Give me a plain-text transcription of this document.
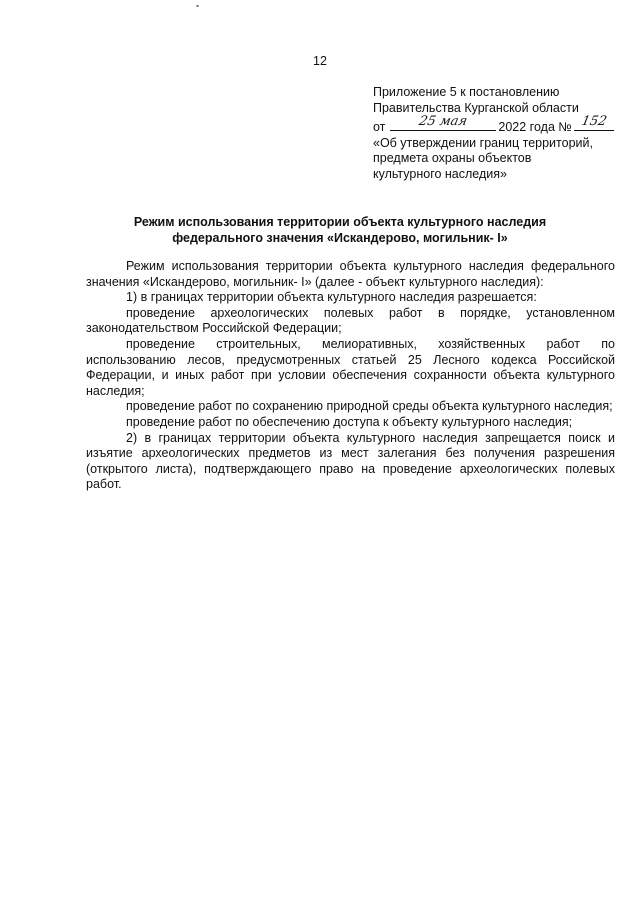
12
Приложение 5 к постановлению
Правительства Курганской области
от	25 мая	2022 года № 152
«Об утверждении границ территорий,
предмета охраны объектов
культурного наследия»
Режим использования территории объекта культурного наследия
федерального значения «Искандерово, могильник- I»

Режим использования территории объекта культурного наследия федерального значения «Искандерово, могильник- I» (далее - объект культурного наследия):

1) в границах территории объекта культурного наследия разрешается:

проведение археологических полевых работ в порядке, установленном законодательством Российской Федерации;

проведение строительных, мелиоративных, хозяйственных работ по использованию лесов, предусмотренных статьей 25 Лесного кодекса Российской Федерации, и иных работ при условии обеспечения сохранности объекта культурного наследия;

проведение работ по сохранению природной среды объекта культурного наследия;

проведение работ по обеспечению доступа к объекту культурного наследия;

2) в границах территории объекта культурного наследия запрещается поиск и изъятие археологических предметов из мест залегания без получения разрешения (открытого листа), подтверждающего право на проведение археологических полевых работ.
